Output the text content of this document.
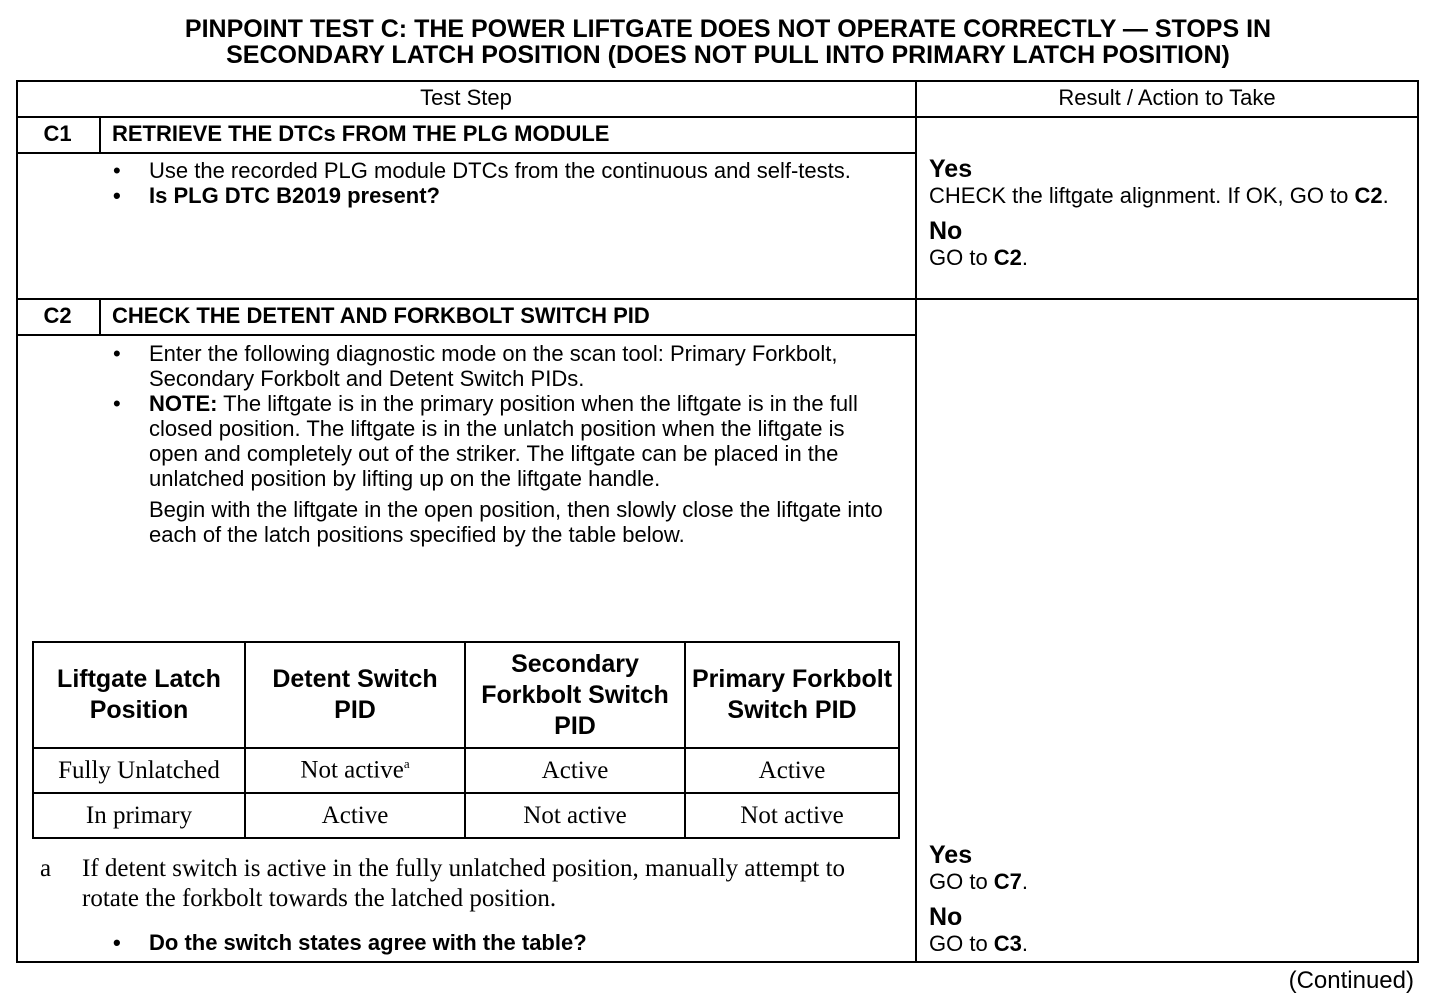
PINPOINT TEST C: THE POWER LIFTGATE DOES NOT OPERATE CORRECTLY — STOPS IN
SECONDARY LATCH POSITION (DOES NOT PULL INTO PRIMARY LATCH POSITION)
Test Step	Result / Action to Take
C1	RETRIEVE THE DTCs FROM THE PLG MODULE
• Use the recorded PLG module DTCs from the continuous and self-tests.
• Is PLG DTC B2019 present?
Yes
CHECK the liftgate alignment. If OK, GO to C2.
No
GO to C2.
C2	CHECK THE DETENT AND FORKBOLT SWITCH PID
• Enter the following diagnostic mode on the scan tool: Primary Forkbolt, Secondary Forkbolt and Detent Switch PIDs.
• NOTE: The liftgate is in the primary position when the liftgate is in the full closed position. The liftgate is in the unlatch position when the liftgate is open and completely out of the striker. The liftgate can be placed in the unlatched position by lifting up on the liftgate handle.
Begin with the liftgate in the open position, then slowly close the liftgate into each of the latch positions specified by the table below.
Liftgate Latch Position	Detent Switch PID	Secondary Forkbolt Switch PID	Primary Forkbolt Switch PID
Fully Unlatched	Not active$^a$	Active	Active
In primary	Active	Not active	Not active
a	If detent switch is active in the fully unlatched position, manually attempt to rotate the forkbolt towards the latched position.
• Do the switch states agree with the table?
Yes
GO to C7.
No
GO to C3.
(Continued)
